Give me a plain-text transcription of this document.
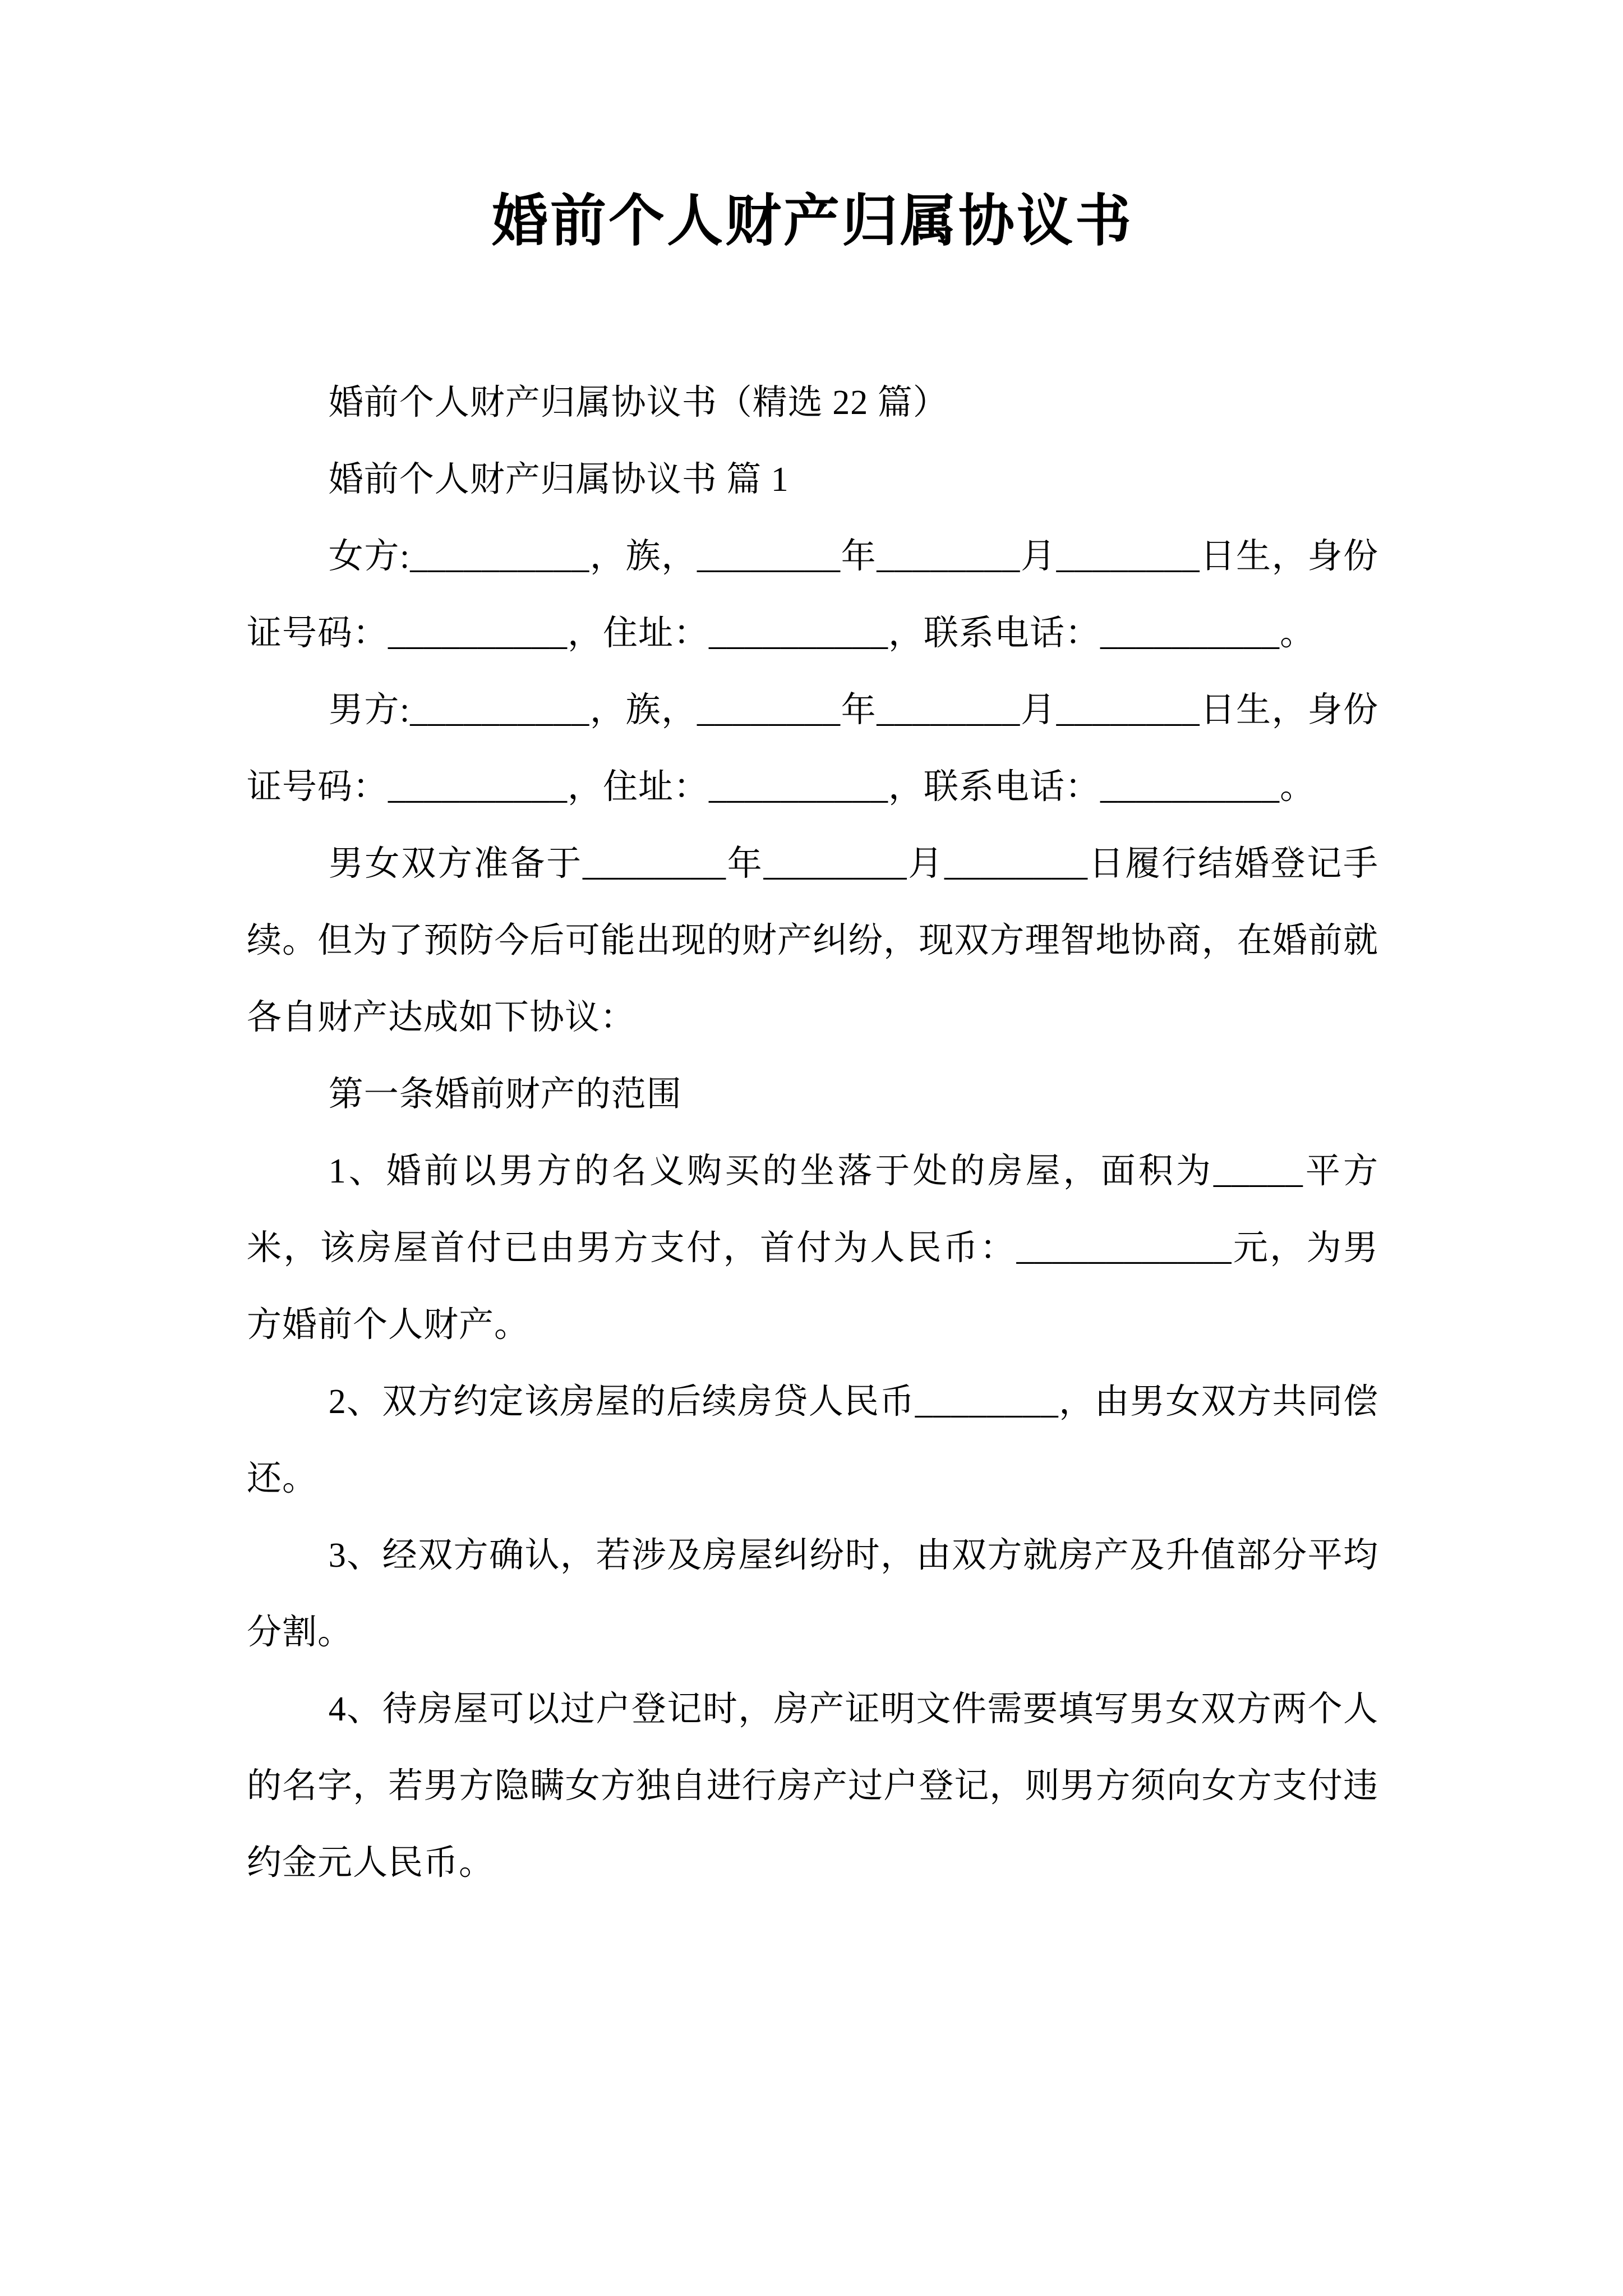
婚前个人财产归属协议书

婚前个人财产归属协议书（精选 22 篇）

婚前个人财产归属协议书 篇 1

女方:__________，族，________年________月________日生，身份证号码：__________，住址：__________，联系电话：__________。

男方:__________，族，________年________月________日生，身份证号码：__________，住址：__________，联系电话：__________。

男女双方准备于________年________月________日履行结婚登记手续。但为了预防今后可能出现的财产纠纷，现双方理智地协商，在婚前就各自财产达成如下协议：

第一条婚前财产的范围

1、婚前以男方的名义购买的坐落于处的房屋，面积为_____平方米，该房屋首付已由男方支付，首付为人民币：____________元，为男方婚前个人财产。

2、双方约定该房屋的后续房贷人民币________，由男女双方共同偿还。

3、经双方确认，若涉及房屋纠纷时，由双方就房产及升值部分平均分割。

4、待房屋可以过户登记时，房产证明文件需要填写男女双方两个人的名字，若男方隐瞒女方独自进行房产过户登记，则男方须向女方支付违约金元人民币。
